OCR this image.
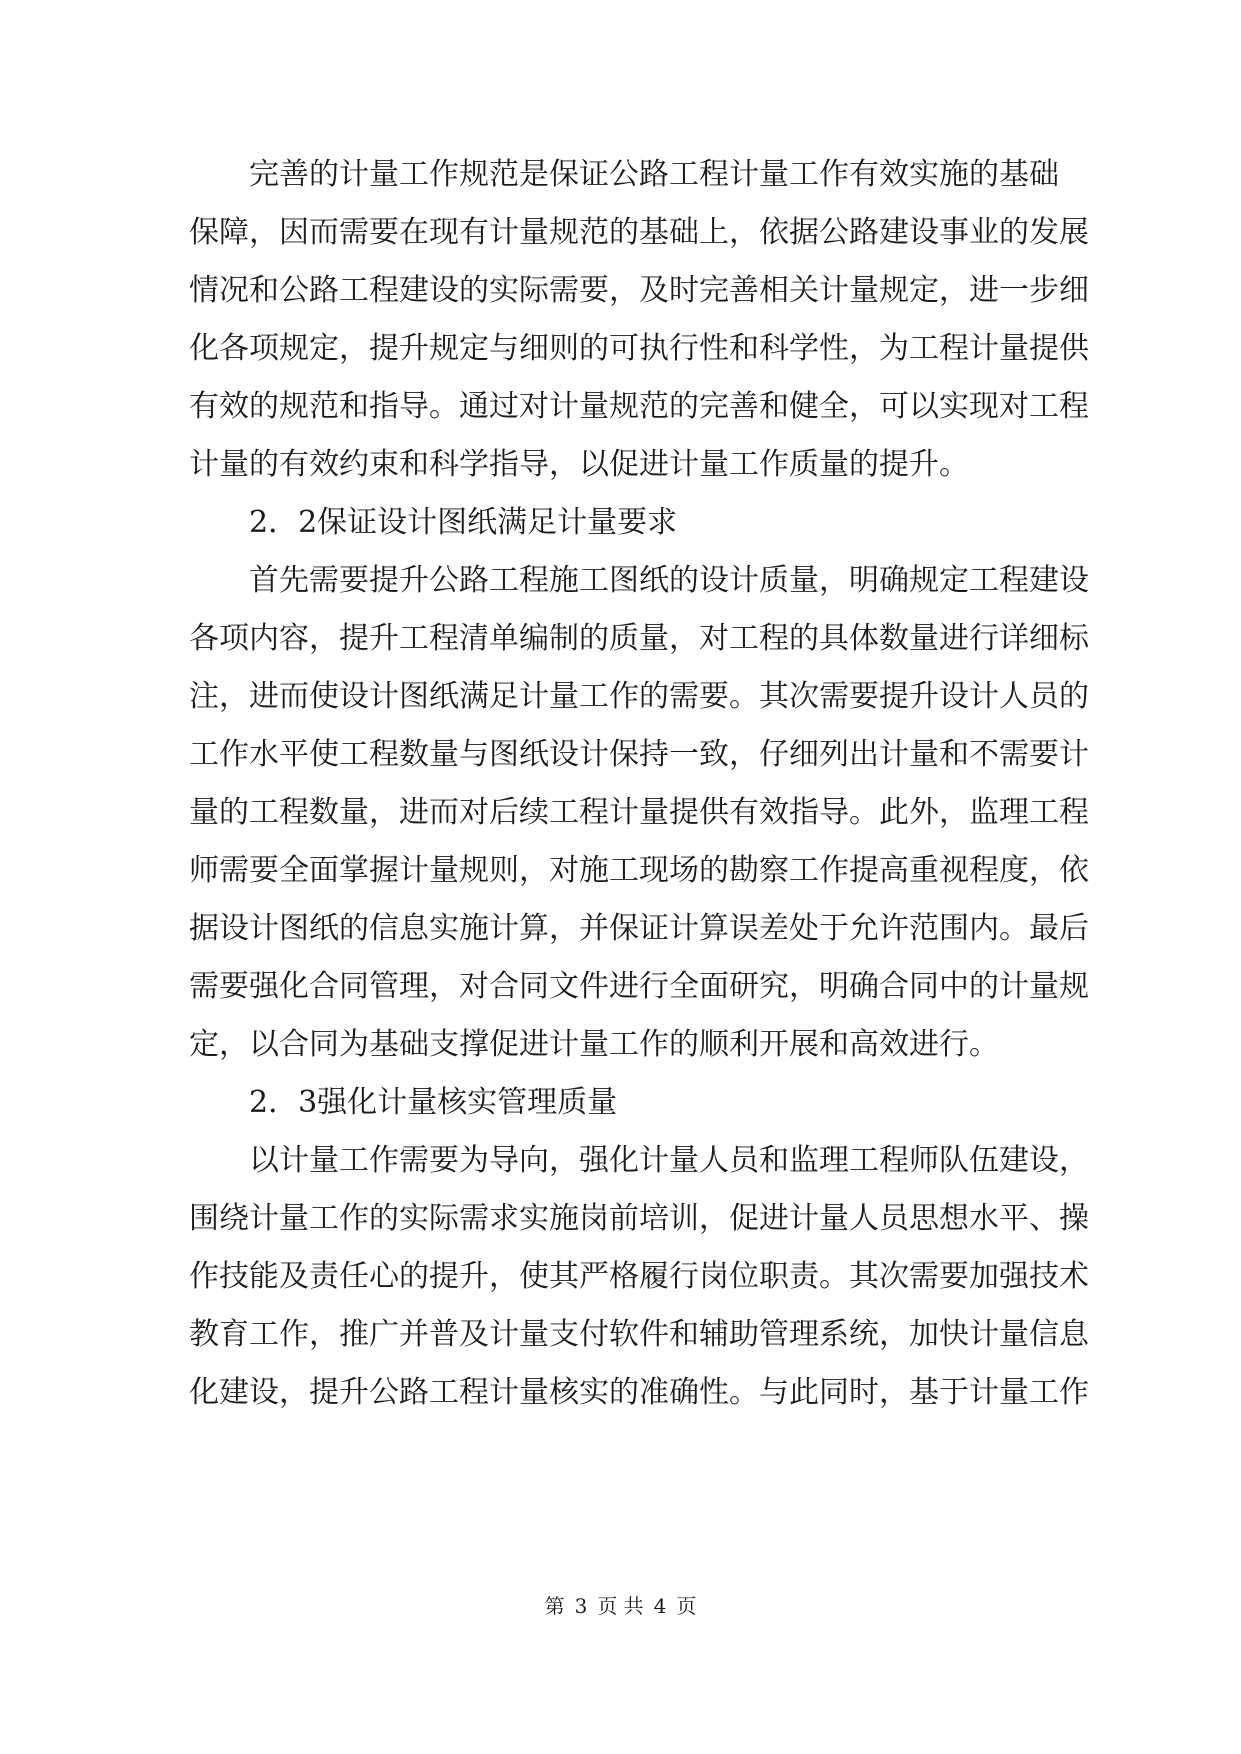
完善的计量工作规范是保证公路工程计量工作有效实施的基础
保障，因而需要在现有计量规范的基础上，依据公路建设事业的发展
情况和公路工程建设的实际需要，及时完善相关计量规定，进一步细
化各项规定，提升规定与细则的可执行性和科学性，为工程计量提供
有效的规范和指导。通过对计量规范的完善和健全，可以实现对工程
计量的有效约束和科学指导，以促进计量工作质量的提升。
2．2保证设计图纸满足计量要求
首先需要提升公路工程施工图纸的设计质量，明确规定工程建设
各项内容，提升工程清单编制的质量，对工程的具体数量进行详细标
注，进而使设计图纸满足计量工作的需要。其次需要提升设计人员的
工作水平使工程数量与图纸设计保持一致，仔细列出计量和不需要计
量的工程数量，进而对后续工程计量提供有效指导。此外，监理工程
师需要全面掌握计量规则，对施工现场的勘察工作提高重视程度，依
据设计图纸的信息实施计算，并保证计算误差处于允许范围内。最后
需要强化合同管理，对合同文件进行全面研究，明确合同中的计量规
定，以合同为基础支撑促进计量工作的顺利开展和高效进行。
2．3强化计量核实管理质量
以计量工作需要为导向，强化计量人员和监理工程师队伍建设，
围绕计量工作的实际需求实施岗前培训，促进计量人员思想水平、操
作技能及责任心的提升，使其严格履行岗位职责。其次需要加强技术
教育工作，推广并普及计量支付软件和辅助管理系统，加快计量信息
化建设，提升公路工程计量核实的准确性。与此同时，基于计量工作
第 3 页 共 4 页
